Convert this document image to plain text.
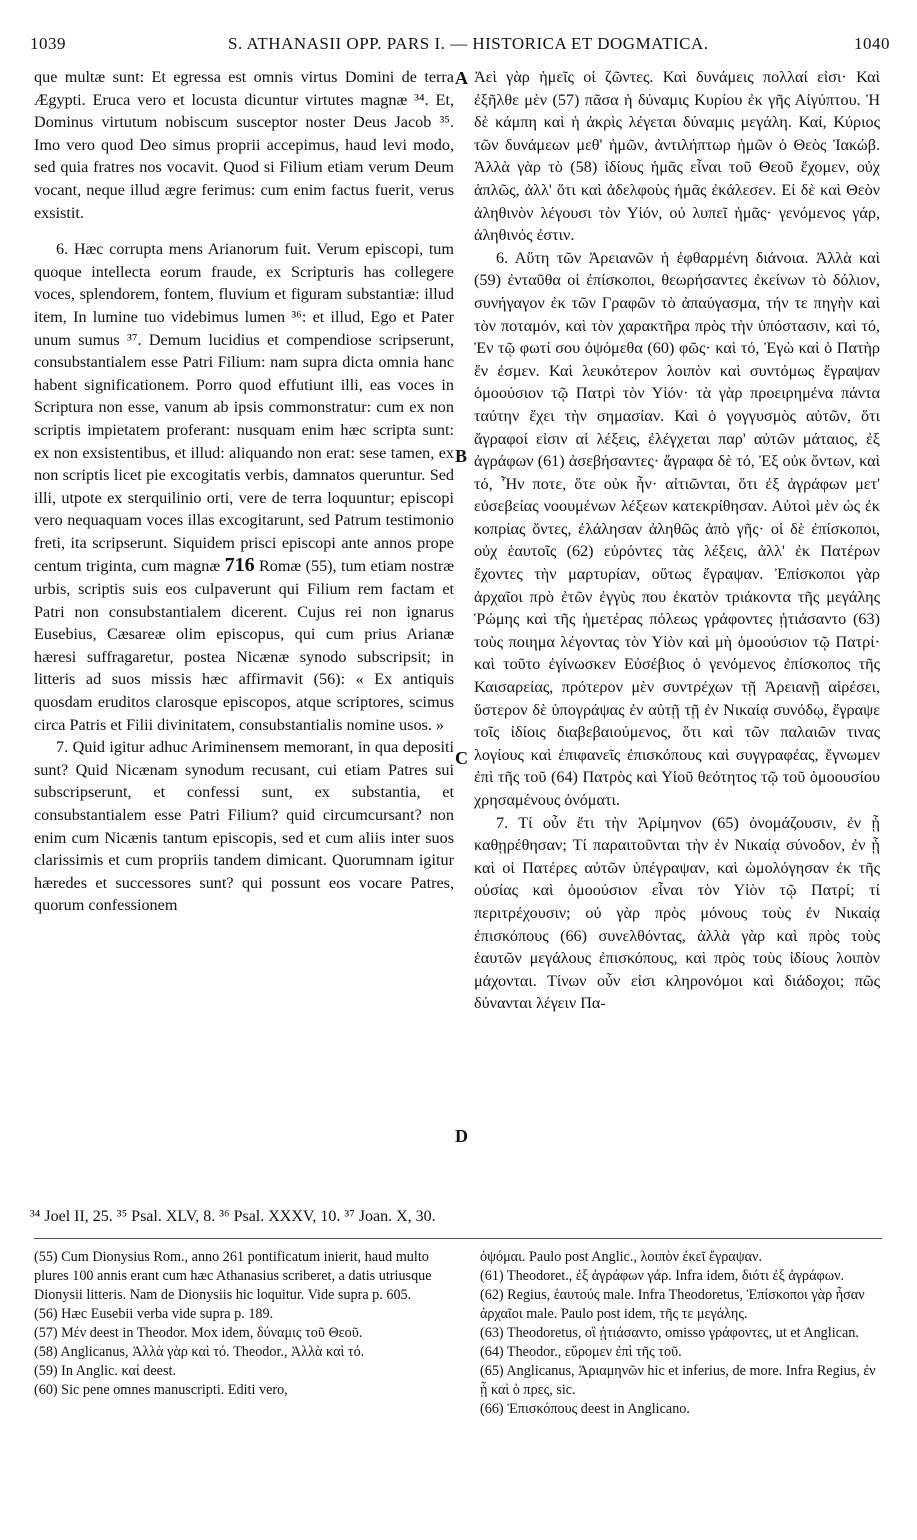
1039	S. ATHANASII OPP. PARS I. — HISTORICA ET DOGMATICA.	1040

que multæ sunt: Et egressa est omnis virtus Domini de terra Ægypti. Eruca vero et locusta dicuntur virtutes magnæ ³⁴. Et, Dominus virtutum nobiscum susceptor noster Deus Jacob ³⁵. Imo vero quod Deo simus proprii accepimus, haud levi modo, sed quia fratres nos vocavit. Quod si Filium etiam verum Deum vocant, neque illud ægre ferimus: cum enim factus fuerit, verus exsistit.

6. Hæc corrupta mens Arianorum fuit. Verum episcopi, tum quoque intellecta eorum fraude, ex Scripturis has collegere voces, splendorem, fontem, fluvium et figuram substantiæ: illud item, In lumine tuo videbimus lumen ³⁶: et illud, Ego et Pater unum sumus ³⁷. Demum lucidius et compendiose scripserunt, consubstantialem esse Patri Filium: nam supra dicta omnia hanc habent significationem. Porro quod effutiunt illi, eas voces in Scriptura non esse, vanum ab ipsis commonstratur: cum ex non scriptis impietatem proferant: nusquam enim hæc scripta sunt: ex non exsistentibus, et illud: aliquando non erat: sese tamen, ex non scriptis licet pie excogitatis verbis, damnatos queruntur. Sed illi, utpote ex sterquilinio orti, vere de terra loquuntur; episcopi vero nequaquam voces illas excogitarunt, sed Patrum testimonio freti, ita scripserunt. Siquidem prisci episcopi ante annos prope centum triginta, cum magnæ 716 Romæ (55), tum etiam nostræ urbis, scriptis suis eos culpaverunt qui Filium rem factam et Patri non consubstantialem dicerent. Cujus rei non ignarus Eusebius, Cæsareæ olim episcopus, qui cum prius Arianæ hæresi suffragaretur, postea Nicænæ synodo subscripsit; in litteris ad suos missis hæc affirmavit (56): « Ex antiquis quosdam eruditos clarosque episcopos, atque scriptores, scimus circa Patris et Filii divinitatem, consubstantialis nomine usos. »

7. Quid igitur adhuc Ariminensem memorant, in qua depositi sunt? Quid Nicænam synodum recusant, cui etiam Patres sui subscripserunt, et confessi sunt, ex substantia, et consubstantialem esse Patri Filium? quid circumcursant? non enim cum Nicænis tantum episcopis, sed et cum aliis inter suos clarissimis et cum propriis tandem dimicant. Quorumnam igitur hæredes et successores sunt? qui possunt eos vocare Patres, quorum confessionem

A
B
C
D

Ἀεὶ γὰρ ἡμεῖς οἱ ζῶντες. Καὶ δυνάμεις πολλαί εἰσι· Καὶ ἐξῆλθε μὲν (57) πᾶσα ἡ δύναμις Κυρίου ἐκ γῆς Αἰγύπτου. Ἡ δὲ κάμπη καὶ ἡ ἀκρὶς λέγεται δύναμις μεγάλη. Καί, Κύριος τῶν δυνάμεων μεθ' ἡμῶν, ἀντιλήπτωρ ἡμῶν ὁ Θεὸς Ἰακώβ. Ἀλλὰ γὰρ τὸ (58) ἰδίους ἡμᾶς εἶναι τοῦ Θεοῦ ἔχομεν, οὐχ ἁπλῶς, ἀλλ' ὅτι καὶ ἀδελφοὺς ἡμᾶς ἐκάλεσεν. Εἰ δὲ καὶ Θεὸν ἀληθινὸν λέγουσι τὸν Υἱόν, οὐ λυπεῖ ἡμᾶς· γενόμενος γάρ, ἀληθινός ἐστιν.

6. Αὕτη τῶν Ἀρειανῶν ἡ ἐφθαρμένη διάνοια. Ἀλλὰ καὶ (59) ἐνταῦθα οἱ ἐπίσκοποι, θεωρήσαντες ἐκείνων τὸ δόλιον, συνήγαγον ἐκ τῶν Γραφῶν τὸ ἀπαύγασμα, τήν τε πηγὴν καὶ τὸν ποταμόν, καὶ τὸν χαρακτῆρα πρὸς τὴν ὑπόστασιν, καὶ τό, Ἐν τῷ φωτί σου ὀψόμεθα (60) φῶς· καὶ τό, Ἐγὼ καὶ ὁ Πατὴρ ἕν ἐσμεν. Καὶ λευκότερον λοιπὸν καὶ συντόμως ἔγραψαν ὁμοούσιον τῷ Πατρὶ τὸν Υἱόν· τὰ γὰρ προειρημένα πάντα ταύτην ἔχει τὴν σημασίαν. Καὶ ὁ γογγυσμὸς αὐτῶν, ὅτι ἄγραφοί εἰσιν αἱ λέξεις, ἐλέγχεται παρ' αὐτῶν μάταιος, ἐξ ἀγράφων (61) ἀσεβήσαντες· ἄγραφα δὲ τό, Ἐξ οὐκ ὄντων, καὶ τό, Ἦν ποτε, ὅτε οὐκ ἦν· αἰτιῶνται, ὅτι ἐξ ἀγράφων μετ' εὐσεβείας νοουμένων λέξεων κατεκρίθησαν. Αὐτοὶ μὲν ὡς ἐκ κοπρίας ὄντες, ἐλάλησαν ἀληθῶς ἀπὸ γῆς· οἱ δὲ ἐπίσκοποι, οὐχ ἑαυτοῖς (62) εὑρόντες τὰς λέξεις, ἀλλ' ἐκ Πατέρων ἔχοντες τὴν μαρτυρίαν, οὕτως ἔγραψαν. Ἐπίσκοποι γὰρ ἀρχαῖοι πρὸ ἐτῶν ἐγγὺς που ἑκατὸν τριάκοντα τῆς μεγάλης Ῥώμης καὶ τῆς ἡμετέρας πόλεως γράφοντες ᾐτιάσαντο (63) τοὺς ποιημα λέγοντας τὸν Υἱὸν καὶ μὴ ὁμοούσιον τῷ Πατρί· καὶ τοῦτο ἐγίνωσκεν Εὐσέβιος ὁ γενόμενος ἐπίσκοπος τῆς Καισαρείας, πρότερον μὲν συντρέχων τῇ Ἀρειανῇ αἱρέσει, ὕστερον δὲ ὑπογράψας ἐν αὐτῇ τῇ ἐν Νικαίᾳ συνόδῳ, ἔγραψε τοῖς ἰδίοις διαβεβαιούμενος, ὅτι καὶ τῶν παλαιῶν τινας λογίους καὶ ἐπιφανεῖς ἐπισκόπους καὶ συγγραφέας, ἔγνωμεν ἐπὶ τῆς τοῦ (64) Πατρὸς καὶ Υἱοῦ θεότητος τῷ τοῦ ὁμοουσίου χρησαμένους ὀνόματι.

7. Τί οὖν ἔτι τὴν Ἀρίμηνον (65) ὀνομάζουσιν, ἐν ᾗ καθῃρέθησαν; Τί παραιτοῦνται τὴν ἐν Νικαίᾳ σύνοδον, ἐν ᾗ καὶ οἱ Πατέρες αὐτῶν ὑπέγραψαν, καὶ ὡμολόγησαν ἐκ τῆς οὐσίας καὶ ὁμοούσιον εἶναι τὸν Υἱὸν τῷ Πατρί; τί περιτρέχουσιν; οὐ γὰρ πρὸς μόνους τοὺς ἐν Νικαίᾳ ἐπισκόπους (66) συνελθόντας, ἀλλὰ γὰρ καὶ πρὸς τοὺς ἑαυτῶν μεγάλους ἐπισκόπους, καὶ πρὸς τοὺς ἰδίους λοιπὸν μάχονται. Τίνων οὖν εἰσι κληρονόμοι καὶ διάδοχοι; πῶς δύνανται λέγειν Πα-

³⁴ Joel II, 25. ³⁵ Psal. XLV, 8. ³⁶ Psal. XXXV, 10. ³⁷ Joan. X, 30.

(55) Cum Dionysius Rom., anno 261 pontificatum inierit, haud multo plures 100 annis erant cum hæc Athanasius scriberet, a datis utriusque Dionysii litteris. Nam de Dionysiis hic loquitur. Vide supra p. 605.

(56) Hæc Eusebii verba vide supra p. 189.

(57) Μέν deest in Theodor. Mox idem, δύναμις τοῦ Θεοῦ.

(58) Anglicanus, Ἀλλὰ γὰρ καὶ τό. Theodor., Ἀλλὰ καὶ τό.

(59) In Anglic. καί deest.

(60) Sic pene omnes manuscripti. Editi vero,

ὀψόμαι. Paulo post Anglic., λοιπὸν ἐκεῖ ἔγραψαν.

(61) Theodoret., ἐξ ἀγράφων γάρ. Infra idem, διότι ἐξ ἀγράφων.

(62) Regius, ἑαυτούς male. Infra Theodoretus, Ἐπίσκοποι γὰρ ἦσαν ἀρχαῖοι male. Paulo post idem, τῆς τε μεγάλης.

(63) Theodoretus, οἳ ᾐτιάσαντο, omisso γράφοντες, ut et Anglican.

(64) Theodor., εὕρομεν ἐπὶ τῆς τοῦ.

(65) Anglicanus, Ἀριαμηνῶν hic et inferius, de more. Infra Regius, ἐν ᾗ καὶ ὁ πρες, sic.

(66) Ἐπισκόπους deest in Anglicano.
